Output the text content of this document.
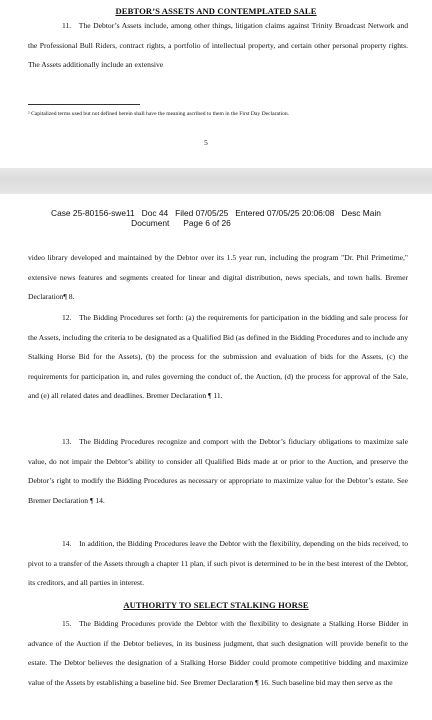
DEBTOR’S ASSETS AND CONTEMPLATED SALE

11. The Debtor’s Assets include, among other things, litigation claims against Trinity Broadcast Network and the Professional Bull Riders, contract rights, a portfolio of intellectual property, and certain other personal property rights. The Assets additionally include an extensive

² Capitalized terms used but not defined herein shall have the meaning ascribed to them in the First Day Declaration.

5
Case 25-80156-swe11   Doc 44   Filed 07/05/25   Entered 07/05/25 20:06:08   Desc Main
Document      Page 6 of 26

video library developed and maintained by the Debtor over its 1.5 year run, including the program "Dr. Phil Primetime," extensive news features and segments created for linear and digital distribution, news specials, and town halls. Bremer Declaration¶ 8.

12. The Bidding Procedures set forth: (a) the requirements for participation in the bidding and sale process for the Assets, including the criteria to be designated as a Qualified Bid (as defined in the Bidding Procedures and to include any Stalking Horse Bid for the Assets), (b) the process for the submission and evaluation of bids for the Assets, (c) the requirements for participation in, and rules governing the conduct of, the Auction, (d) the process for approval of the Sale, and (e) all related dates and deadlines. Bremer Declaration ¶ 11.

13. The Bidding Procedures recognize and comport with the Debtor’s fiduciary obligations to maximize sale value, do not impair the Debtor’s ability to consider all Qualified Bids made at or prior to the Auction, and preserve the Debtor’s right to modify the Bidding Procedures as necessary or appropriate to maximize value for the Debtor’s estate. See Bremer Declaration ¶ 14.

14. In addition, the Bidding Procedures leave the Debtor with the flexibility, depending on the bids received, to pivot to a transfer of the Assets through a chapter 11 plan, if such pivot is determined to be in the best interest of the Debtor, its creditors, and all parties in interest.

AUTHORITY TO SELECT STALKING HORSE

15. The Bidding Procedures provide the Debtor with the flexibility to designate a Stalking Horse Bidder in advance of the Auction if the Debtor believes, in its business judgment, that such designation will provide benefit to the estate. The Debtor believes the designation of a Stalking Horse Bidder could promote competitive bidding and maximize value of the Assets by establishing a baseline bid. See Bremer Declaration ¶ 16. Such baseline bid may then serve as the
